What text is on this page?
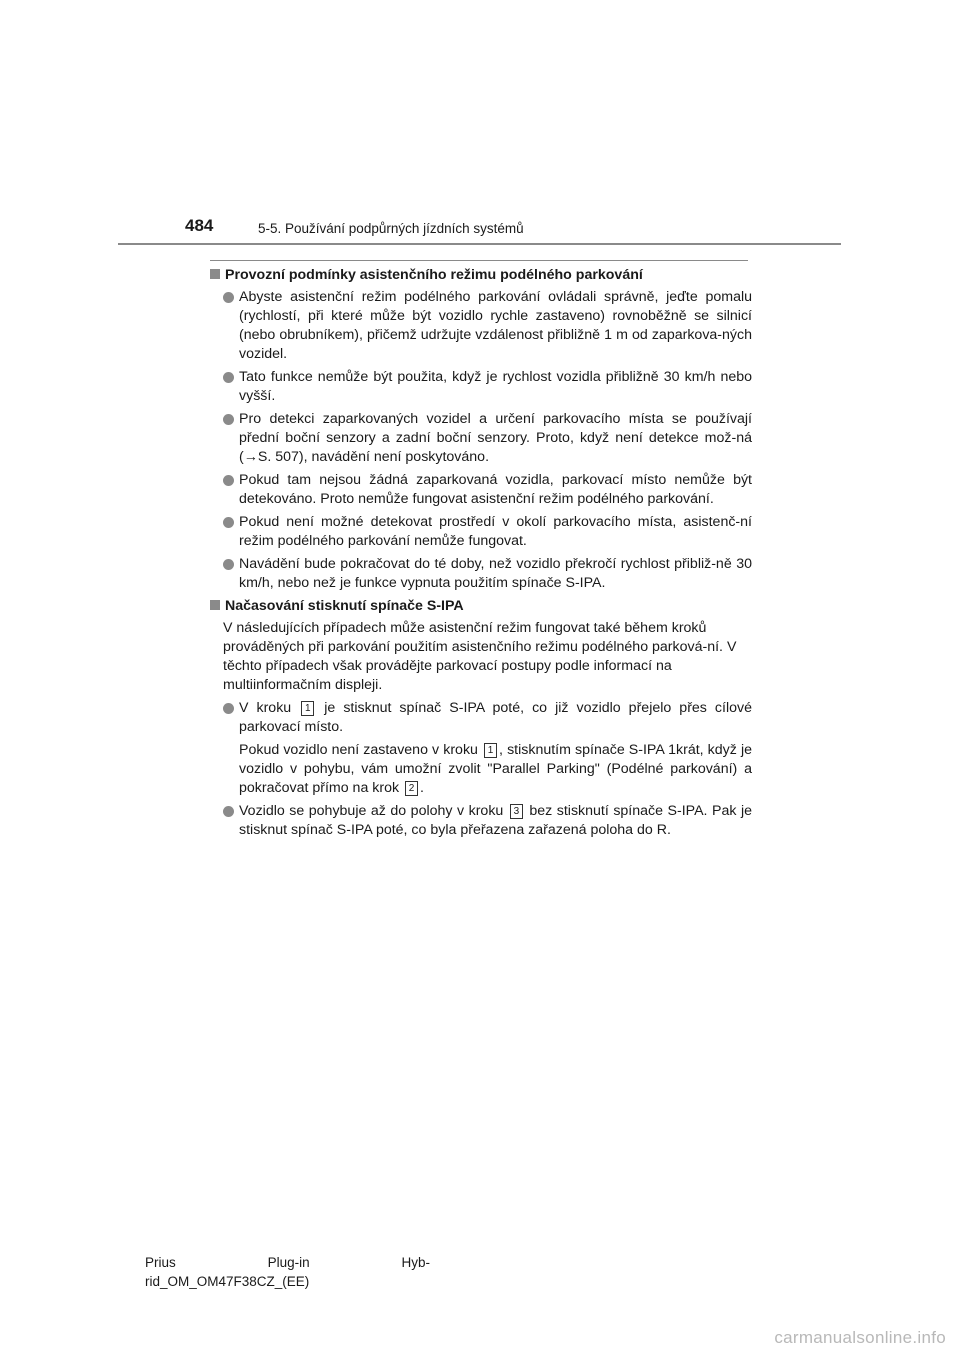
484	5-5. Používání podpůrných jízdních systémů
Provozní podmínky asistenčního režimu podélného parkování
Abyste asistenční režim podélného parkování ovládali správně, jeďte pomalu (rychlostí, při které může být vozidlo rychle zastaveno) rovnoběžně se silnicí (nebo obrubníkem), přičemž udržujte vzdálenost přibližně 1 m od zaparkova-ných vozidel.
Tato funkce nemůže být použita, když je rychlost vozidla přibližně 30 km/h nebo vyšší.
Pro detekci zaparkovaných vozidel a určení parkovacího místa se používají přední boční senzory a zadní boční senzory. Proto, když není detekce mož-ná (→S. 507), navádění není poskytováno.
Pokud tam nejsou žádná zaparkovaná vozidla, parkovací místo nemůže být detekováno. Proto nemůže fungovat asistenční režim podélného parkování.
Pokud není možné detekovat prostředí v okolí parkovacího místa, asistenč-ní režim podélného parkování nemůže fungovat.
Navádění bude pokračovat do té doby, než vozidlo překročí rychlost přibliž-ně 30 km/h, nebo než je funkce vypnuta použitím spínače S-IPA.
Načasování stisknutí spínače S-IPA
V následujících případech může asistenční režim fungovat také během kroků prováděných při parkování použitím asistenčního režimu podélného parková-ní. V těchto případech však provádějte parkovací postupy podle informací na multiinformačním displeji.
V kroku 1 je stisknut spínač S-IPA poté, co již vozidlo přejelo přes cílové parkovací místo.
Pokud vozidlo není zastaveno v kroku 1 , stisknutím spínače S-IPA 1krát, když je vozidlo v pohybu, vám umožní zvolit "Parallel Parking" (Podélné parkování) a pokračovat přímo na krok 2 .
Vozidlo se pohybuje až do polohy v kroku 3 bez stisknutí spínače S-IPA. Pak je stisknut spínač S-IPA poté, co byla přeřazena zařazená poloha do R.
Prius	Plug-in	Hyb-
rid_OM_OM47F38CZ_(EE)
carmanualsonline.info
